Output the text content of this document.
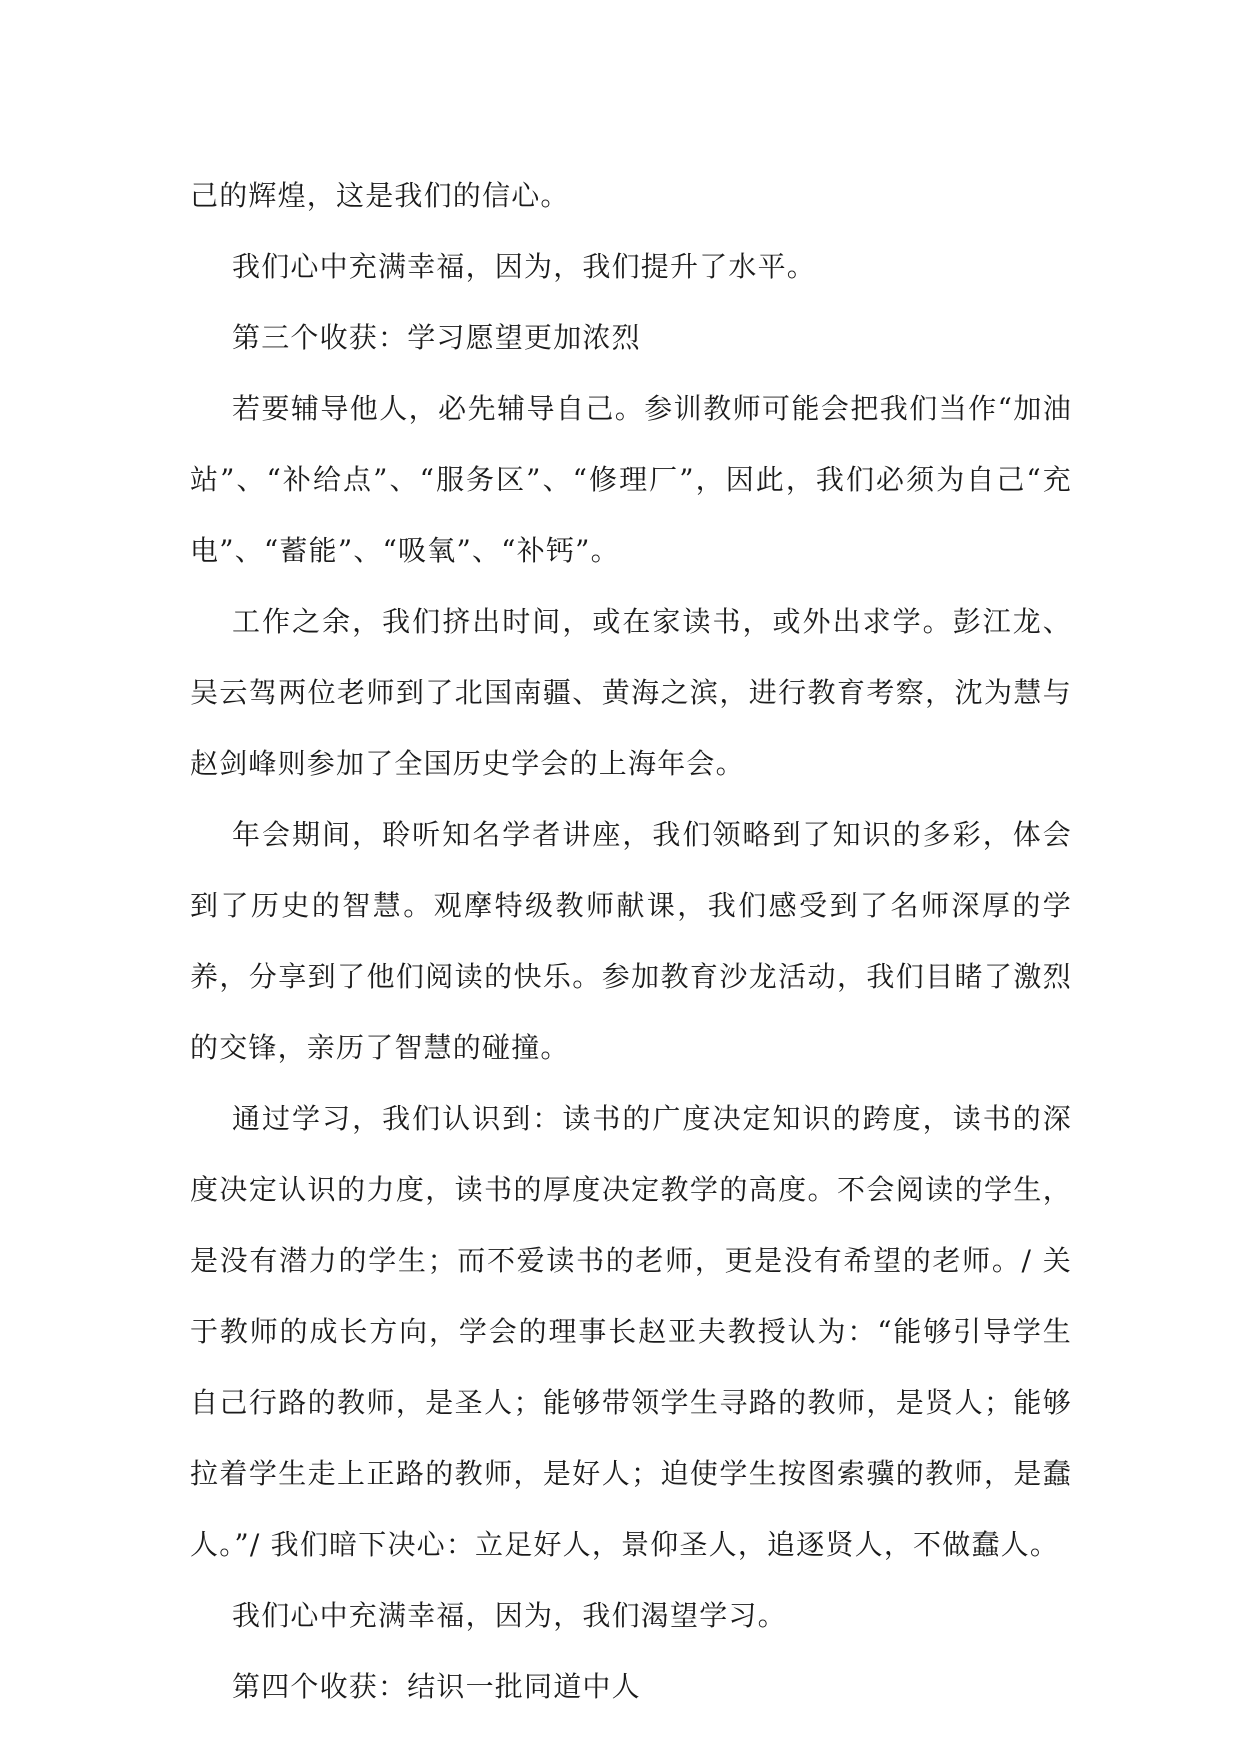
己的辉煌，这是我们的信心。

我们心中充满幸福，因为，我们提升了水平。

第三个收获：学习愿望更加浓烈

若要辅导他人，必先辅导自己。参训教师可能会把我们当作“加油站”、“补给点”、“服务区”、“修理厂”，因此，我们必须为自己“充电”、“蓄能”、“吸氧”、“补钙”。

工作之余，我们挤出时间，或在家读书，或外出求学。彭江龙、吴云驾两位老师到了北国南疆、黄海之滨，进行教育考察，沈为慧与赵剑峰则参加了全国历史学会的上海年会。

年会期间，聆听知名学者讲座，我们领略到了知识的多彩，体会到了历史的智慧。观摩特级教师献课，我们感受到了名师深厚的学养，分享到了他们阅读的快乐。参加教育沙龙活动，我们目睹了激烈的交锋，亲历了智慧的碰撞。

通过学习，我们认识到：读书的广度决定知识的跨度，读书的深度决定认识的力度，读书的厚度决定教学的高度。不会阅读的学生，是没有潜力的学生；而不爱读书的老师，更是没有希望的老师。/ 关于教师的成长方向，学会的理事长赵亚夫教授认为：“能够引导学生自己行路的教师，是圣人；能够带领学生寻路的教师，是贤人；能够拉着学生走上正路的教师，是好人；迫使学生按图索骥的教师，是蠢人。”/ 我们暗下决心：立足好人，景仰圣人，追逐贤人，不做蠢人。

我们心中充满幸福，因为，我们渴望学习。

第四个收获：结识一批同道中人
